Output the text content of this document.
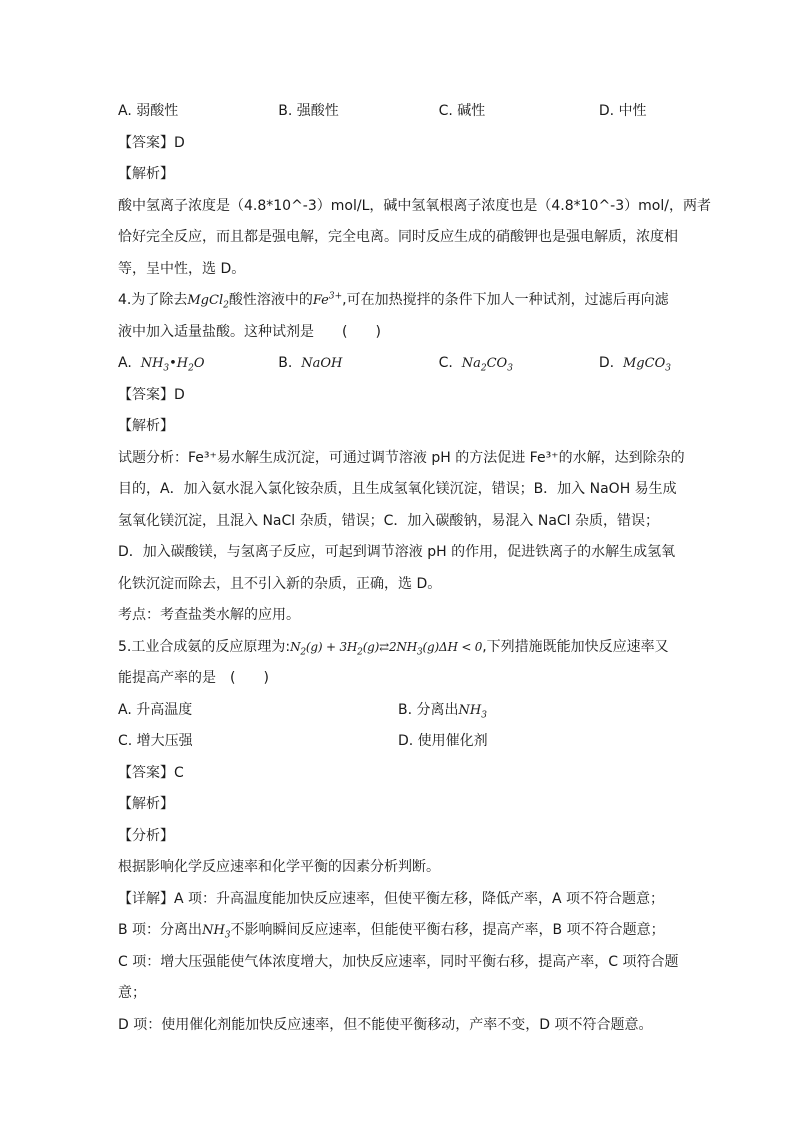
A. 弱酸性	B. 强酸性	C. 碱性	D. 中性
【答案】D
【解析】
酸中氢离子浓度是（4.8*10^-3）mol/L，碱中氢氧根离子浓度也是（4.8*10^-3）mol/，两者
恰好完全反应，而且都是强电解，完全电离。同时反应生成的硝酸钾也是强电解质，浓度相
等，呈中性，选 D。
4.为了除去MgCl$_2$酸性溶液中的$Fe^{3+}$,可在加热搅拌的条件下加人一种试剂，过滤后再向滤
液中加入适量盐酸。这种试剂是　　(　　)
A. $NH_3•H_2O$	B. NaOH	C. $Na_2CO_3$	D. MgCO$_3$
【答案】D
【解析】
试题分析：Fe³⁺易水解生成沉淀，可通过调节溶液 pH 的方法促进 Fe³⁺的水解，达到除杂的
目的，A．加入氨水混入氯化铵杂质，且生成氢氧化镁沉淀，错误；B．加入 NaOH 易生成
氢氧化镁沉淀，且混入 NaCl 杂质，错误；C．加入碳酸钠，易混入 NaCl 杂质，错误；
D．加入碳酸镁，与氢离子反应，可起到调节溶液 pH 的作用，促进铁离子的水解生成氢氧
化铁沉淀而除去，且不引入新的杂质，正确，选 D。
考点：考查盐类水解的应用。
5.工业合成氨的反应原理为$:N_2(g)$ + $3H_2(g)⇄2NH_3(g)\Delta H < 0$,下列措施既能加快反应速率又
能提高产率的是　(　　)
A. 升高温度	B. 分离出$NH_3$
C. 增大压强	D. 使用催化剂
【答案】C
【解析】
【分析】
根据影响化学反应速率和化学平衡的因素分析判断。
【详解】A 项：升高温度能加快反应速率，但使平衡左移，降低产率，A 项不符合题意；
B 项：分离出$NH_3$不影响瞬间反应速率，但能使平衡右移，提高产率，B 项不符合题意；
C 项：增大压强能使气体浓度增大，加快反应速率，同时平衡右移，提高产率，C 项符合题
意；
D 项：使用催化剂能加快反应速率，但不能使平衡移动，产率不变，D 项不符合题意。
